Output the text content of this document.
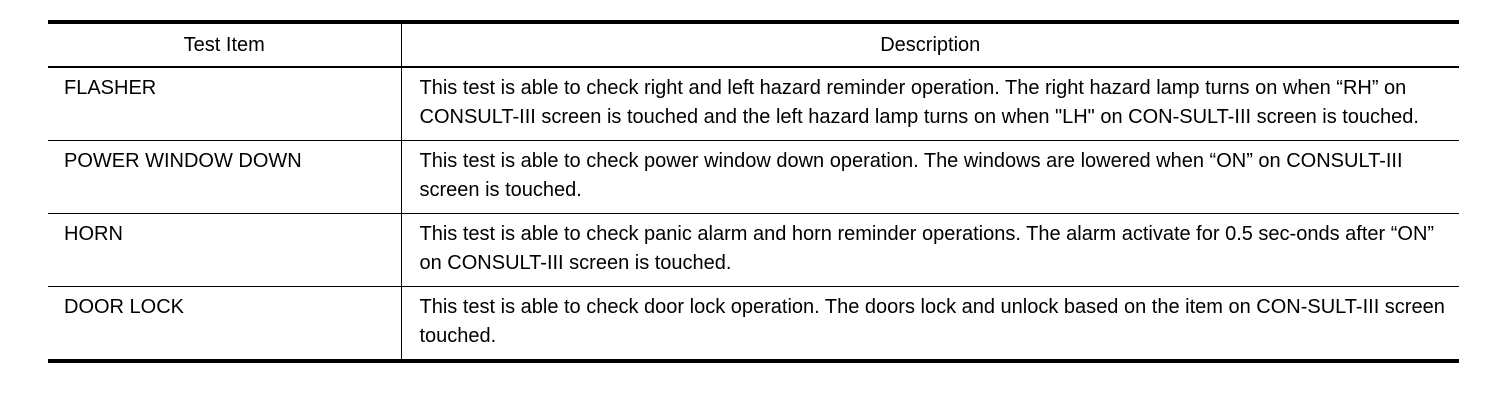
Test Item	Description
FLASHER	This test is able to check right and left hazard reminder operation. The right hazard lamp turns on when “RH” on CONSULT-III screen is touched and the left hazard lamp turns on when "LH" on CON-SULT-III screen is touched.
POWER WINDOW DOWN	This test is able to check power window down operation. The windows are lowered when “ON” on CONSULT-III screen is touched.
HORN	This test is able to check panic alarm and horn reminder operations. The alarm activate for 0.5 sec-onds after “ON” on CONSULT-III screen is touched.
DOOR LOCK	This test is able to check door lock operation. The doors lock and unlock based on the item on CON-SULT-III screen touched.
